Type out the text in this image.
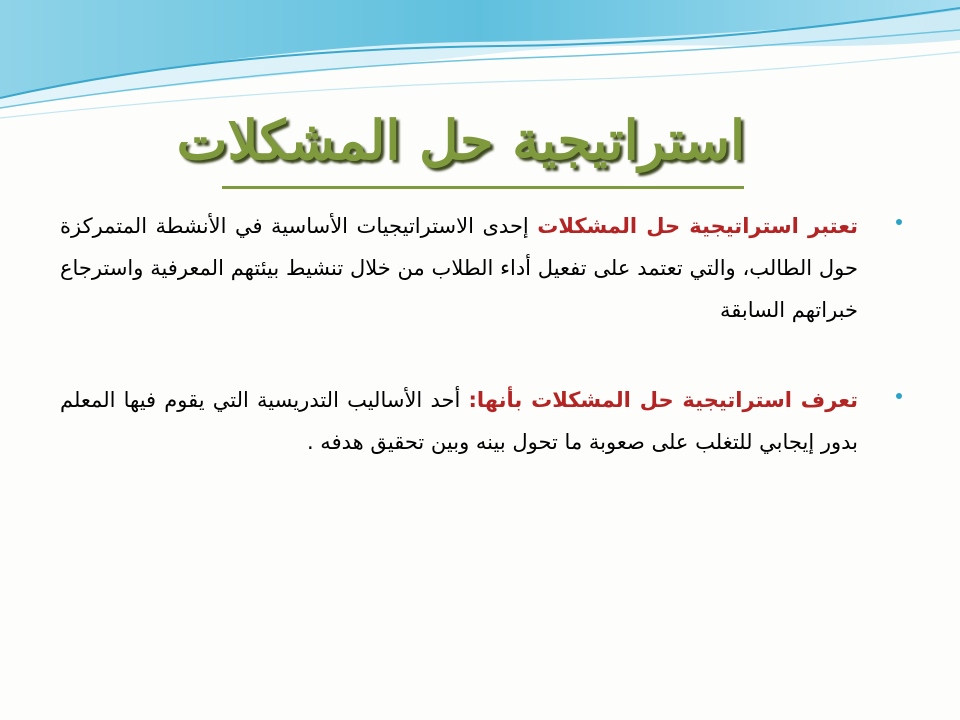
استراتيجية حل المشكلات
تعتبر استراتيجية حل المشكلات إحدى الاستراتيجيات الأساسية في الأنشطة المتمركزة حول الطالب، والتي تعتمد على تفعيل أداء الطلاب من خلال تنشيط بيئتهم المعرفية واسترجاع خبراتهم السابقة
تعرف استراتيجية حل المشكلات بأنها: أحد الأساليب التدريسية التي يقوم فيها المعلم بدور إيجابي للتغلب على صعوبة ما تحول بينه وبين تحقيق هدفه .
